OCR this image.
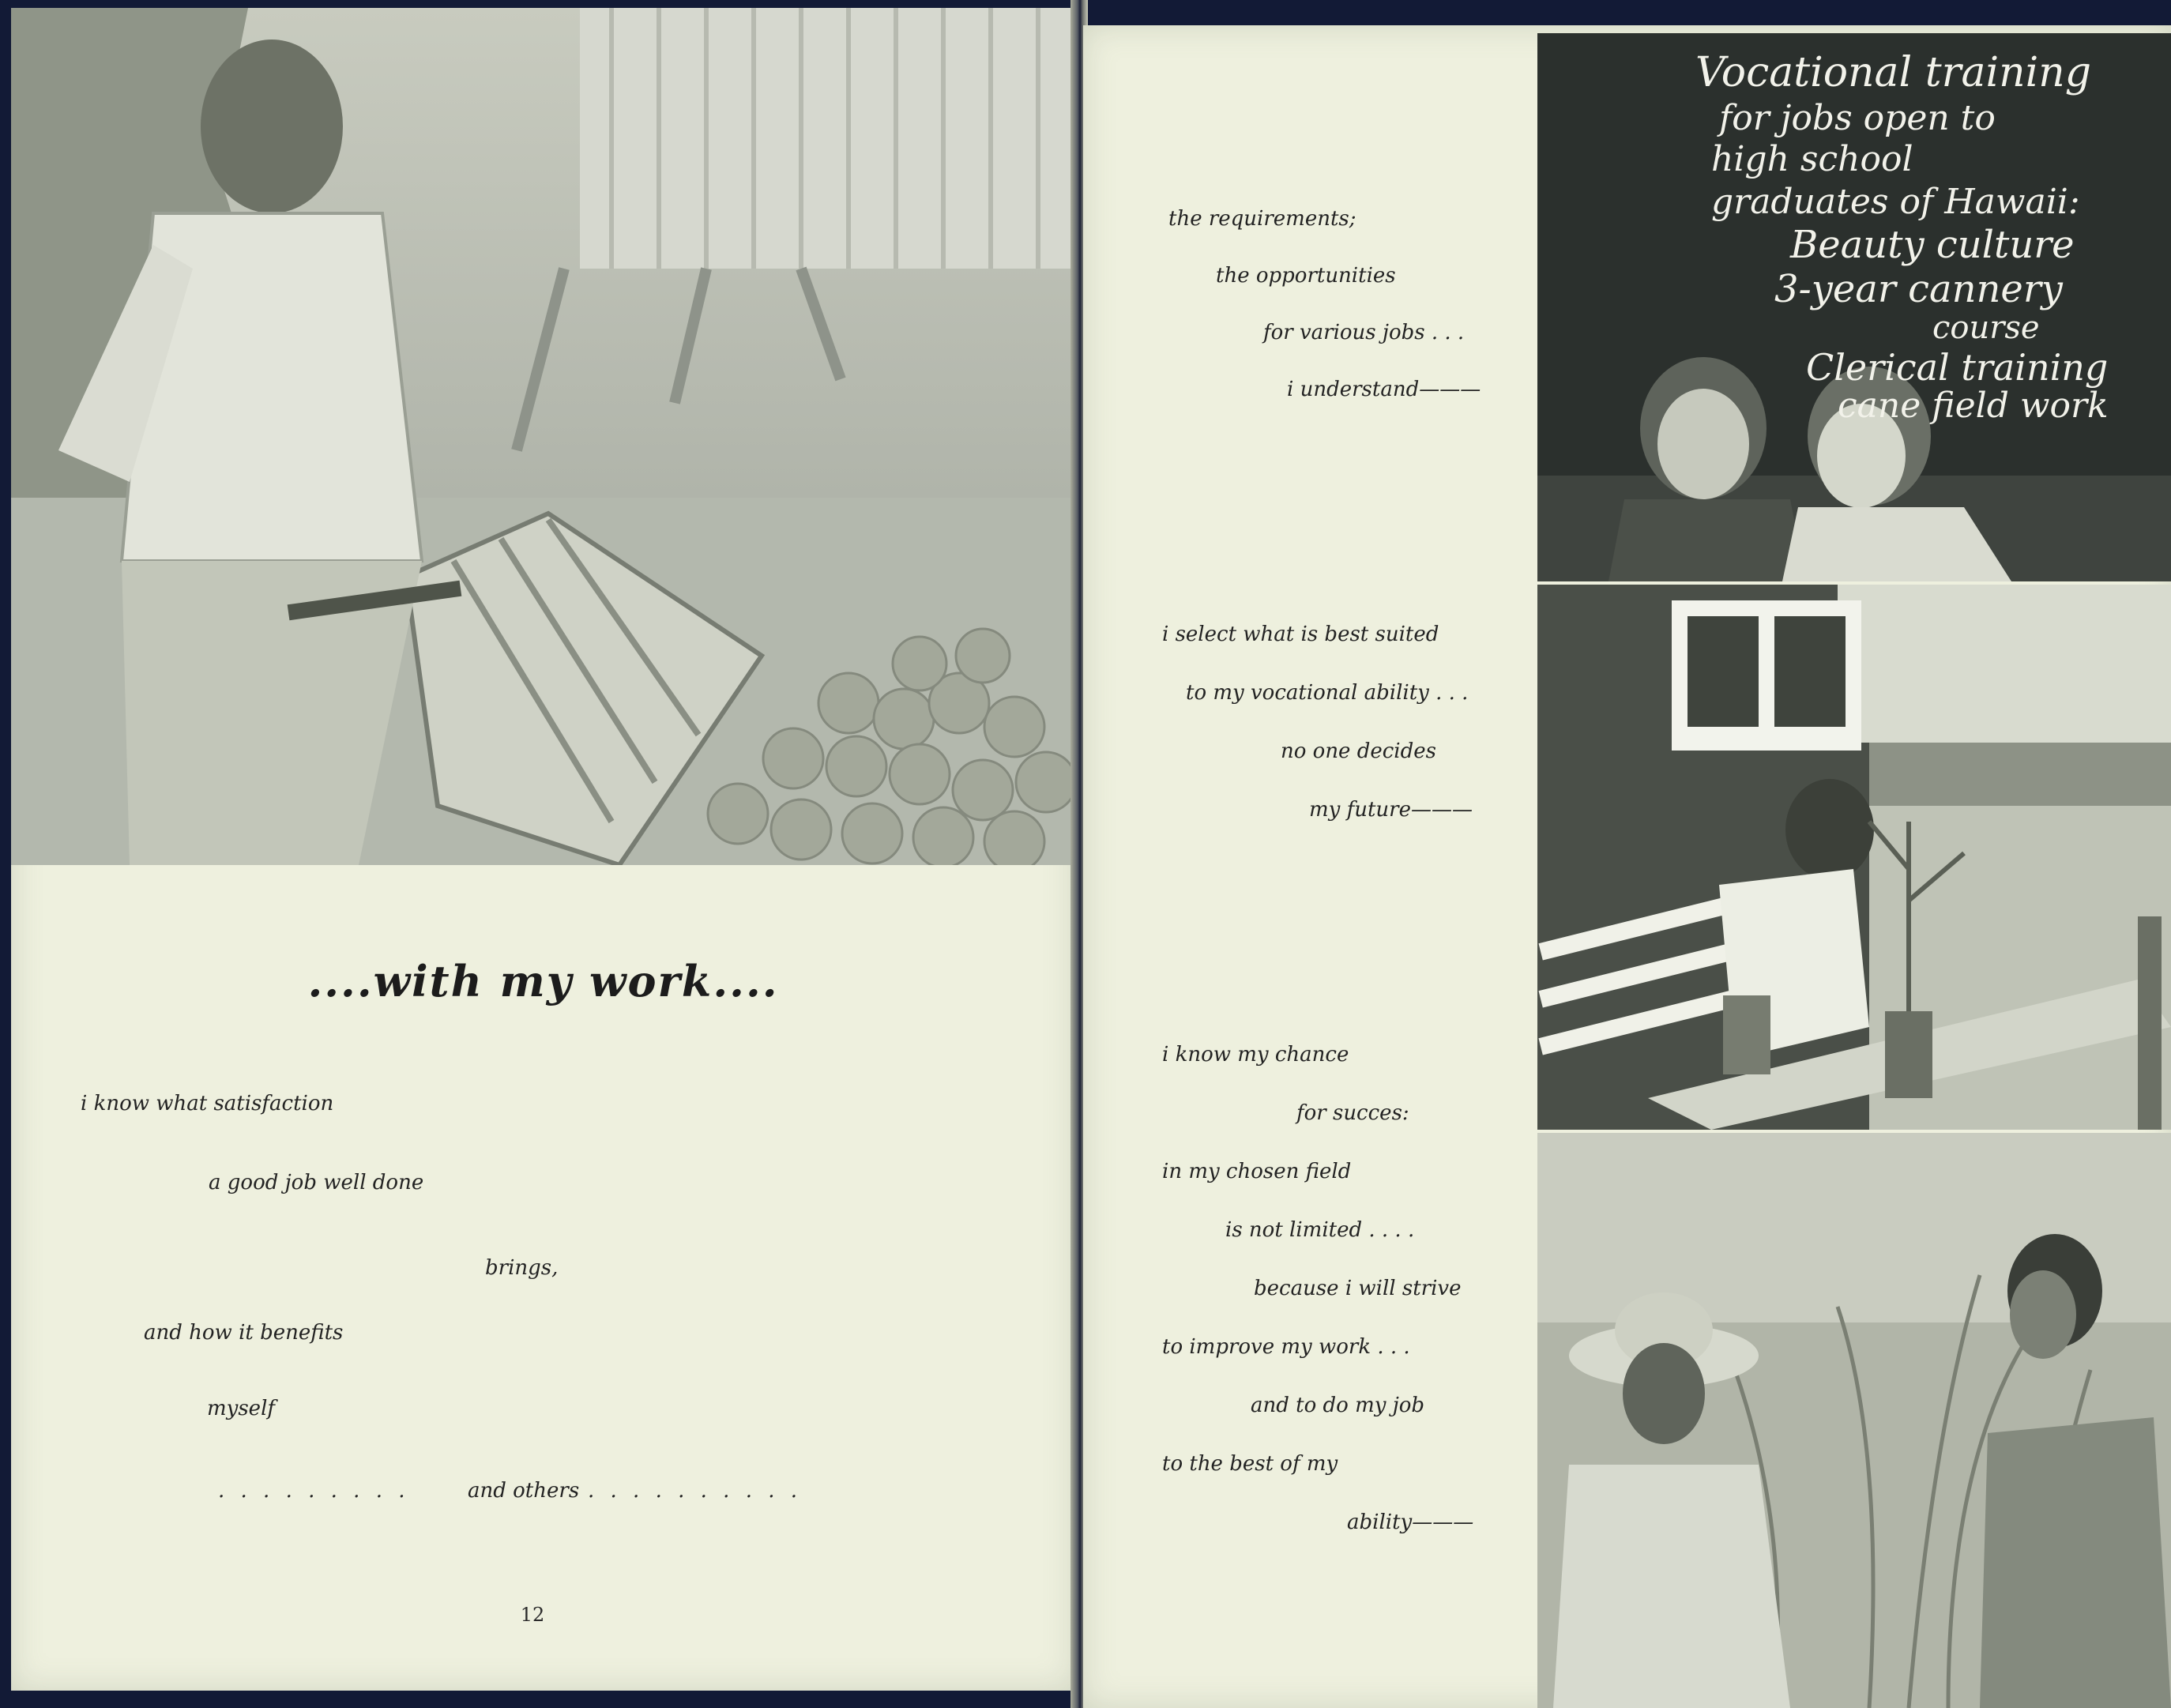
....with my work....

i know what satisfaction

a good job well done

brings,

and how it benefits

myself

. . . . . . . . .	and others . . . . . . . . . .

12

the requirements;

the opportunities

for various jobs . . .

i understand———

i select what is best suited

to my vocational ability . . .

no one decides

my future———

i know my chance

for succes:

in my chosen field

is not limited . . . .

because i will strive

to improve my work . . .

and to do my job

to the best of my

ability———

Vocational training
for jobs open to
high school
graduates of Hawaii:
Beauty culture
3-year cannery
course
Clerical training
cane field work
